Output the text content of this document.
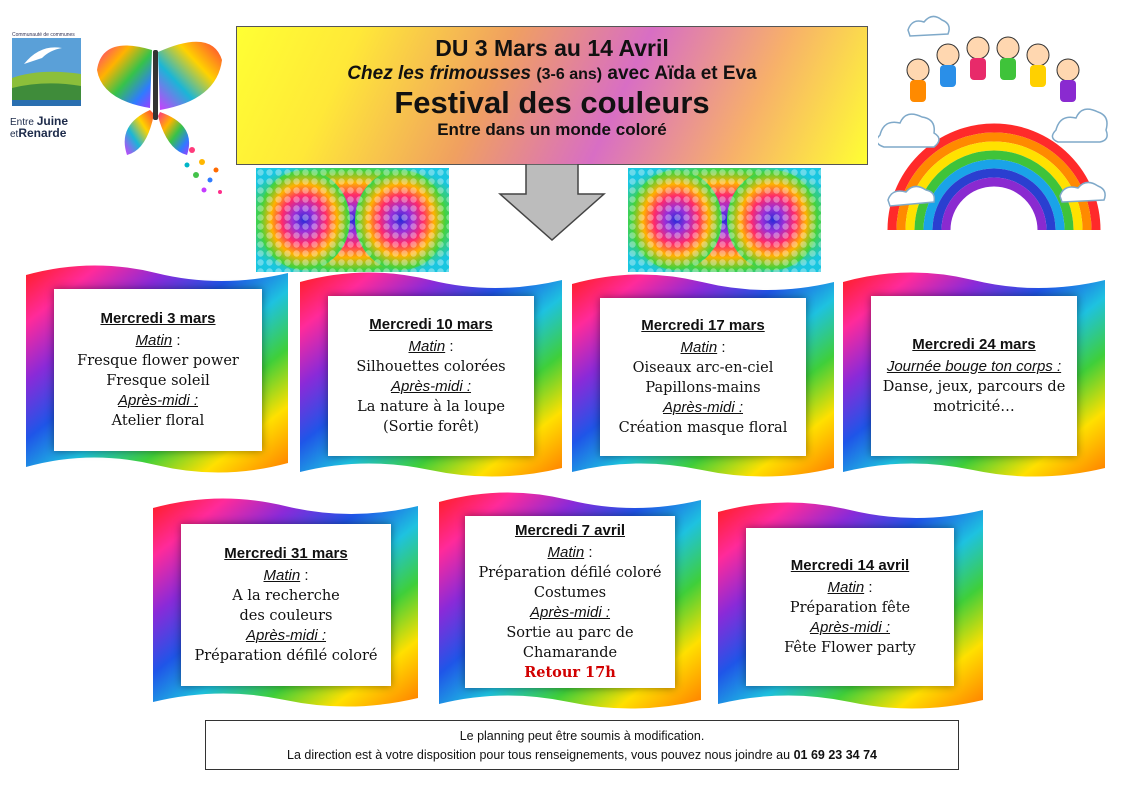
Communauté de communes
Entre Juine
etRenarde
DU 3 Mars au 14 Avril
Chez les frimousses (3-6 ans) avec Aïda et Eva
Festival des couleurs
Entre dans un monde coloré
Mercredi 3 mars
Matin :
Fresque flower power
Fresque soleil
Après-midi :
Atelier floral
Mercredi 10 mars
Matin :
Silhouettes colorées
Après-midi :
La nature à la loupe
(Sortie forêt)
Mercredi 17 mars
Matin :
Oiseaux arc-en-ciel
Papillons-mains
Après-midi :
Création masque floral
Mercredi 24 mars
Journée bouge ton corps :
Danse, jeux, parcours de
motricité…
Mercredi 31 mars
Matin :
A la recherche
des couleurs
Après-midi :
Préparation défilé coloré
Mercredi 7 avril
Matin :
Préparation défilé coloré
Costumes
Après-midi :
Sortie au parc de
Chamarande
Retour 17h
Mercredi 14 avril
Matin :
Préparation fête
Après-midi :
Fête Flower party
Le planning peut être soumis à modification.
La direction est à votre disposition pour tous renseignements, vous pouvez nous joindre au 01 69 23 34 74
